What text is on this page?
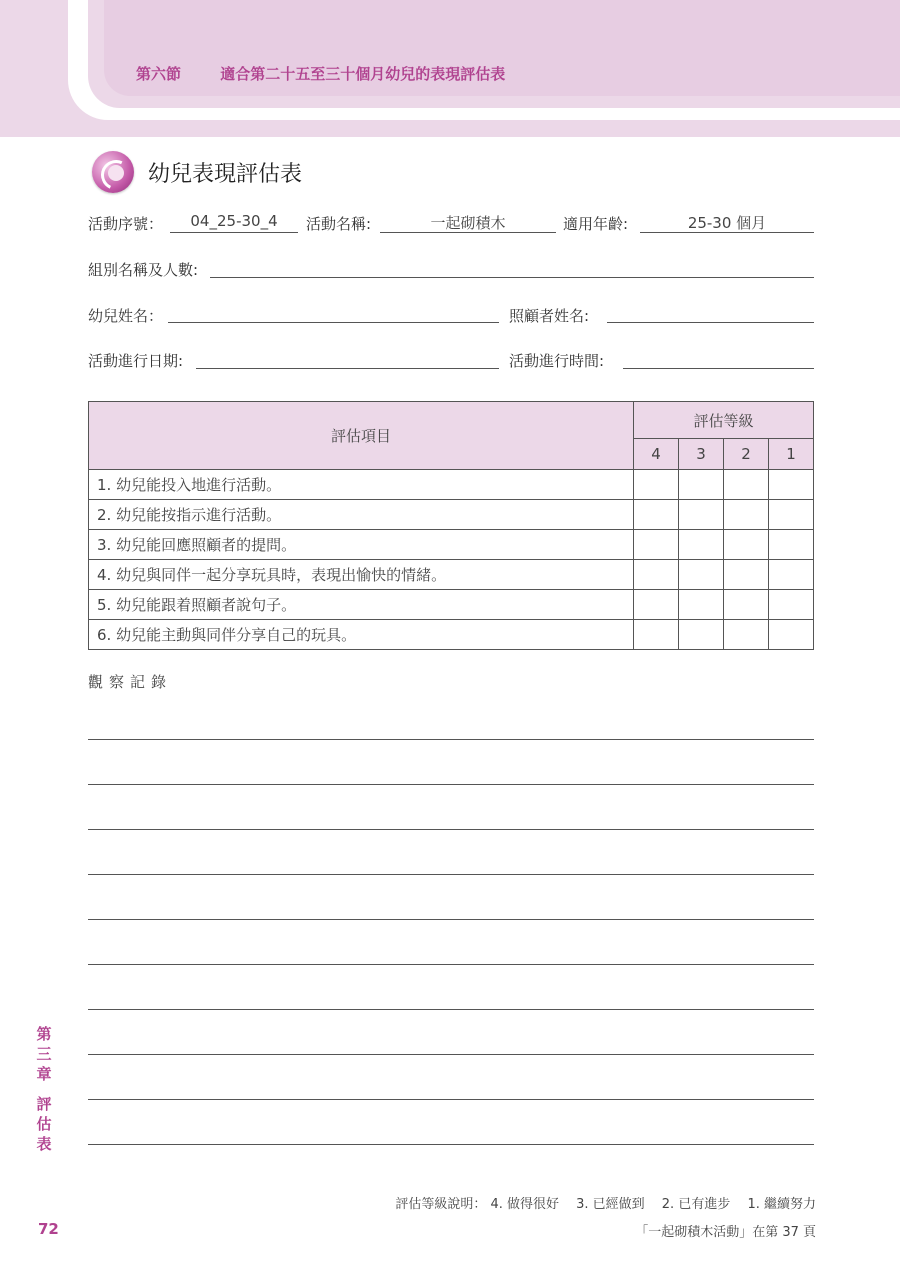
第六節	適合第二十五至三十個月幼兒的表現評估表
幼兒表現評估表
活動序號：	04_25-30_4	活動名稱:	一起砌積木	適用年齡:	25-30 個月
組別名稱及人數:
幼兒姓名：	照顧者姓名:
活動進行日期:	活動進行時間:
評估項目	評估等級			
	4	3	2	1
1. 幼兒能投入地進行活動。				
2. 幼兒能按指示進行活動。				
3. 幼兒能回應照顧者的提問。				
4. 幼兒與同伴一起分享玩具時，表現出愉快的情緒。				
5. 幼兒能跟着照顧者說句子。				
6. 幼兒能主動與同伴分享自己的玩具。				
觀察記錄
第
三
章
評
估
表
72
評估等級說明： 4. 做得很好　 3. 已經做到　 2. 已有進步　 1. 繼續努力
「一起砌積木活動」在第 37 頁
